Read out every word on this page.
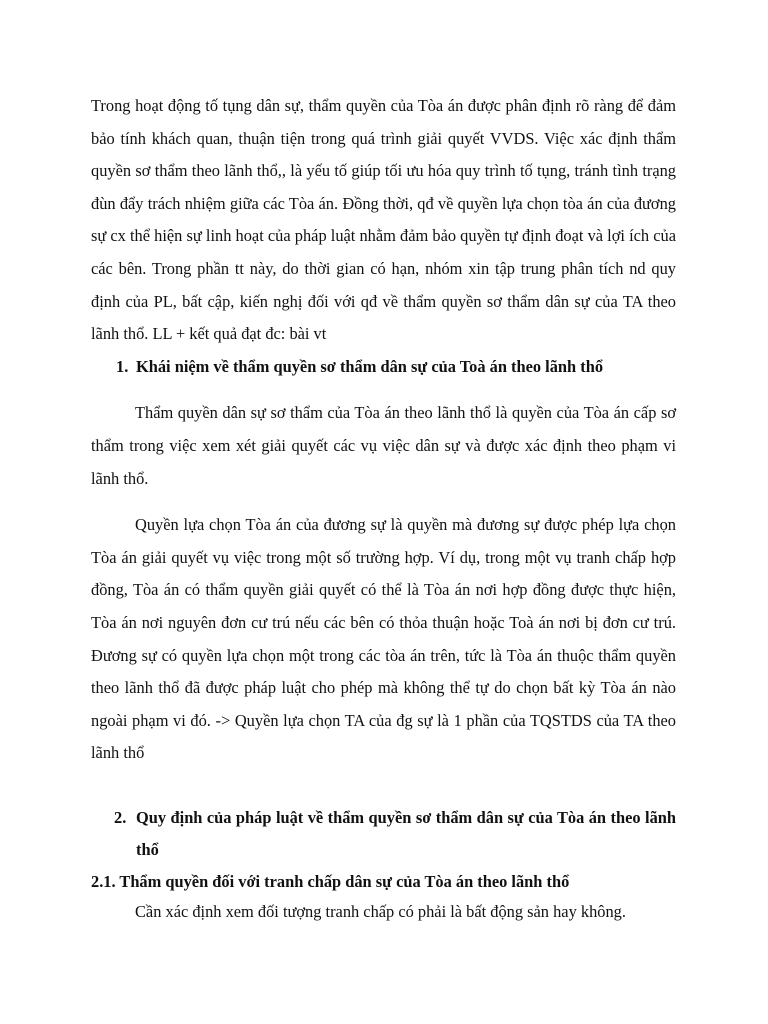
Trong hoạt động tố tụng dân sự, thẩm quyền của Tòa án được phân định rõ ràng để đảm bảo tính khách quan, thuận tiện trong quá trình giải quyết VVDS. Việc xác định thẩm quyền sơ thẩm theo lãnh thổ,, là yếu tố giúp tối ưu hóa quy trình tố tụng, tránh tình trạng đùn đẩy trách nhiệm giữa các Tòa án. Đồng thời, qđ về quyền lựa chọn tòa án của đương sự cx thể hiện sự linh hoạt của pháp luật nhằm đảm bảo quyền tự định đoạt và lợi ích của các bên. Trong phần tt này, do thời gian có hạn, nhóm xin tập trung phân tích nd quy định của PL, bất cập, kiến nghị đối với qđ về thẩm quyền sơ thẩm dân sự của TA theo lãnh thổ. LL + kết quả đạt đc: bài vt

1. Khái niệm về thẩm quyền sơ thẩm dân sự của Toà án theo lãnh thổ

Thẩm quyền dân sự sơ thẩm của Tòa án theo lãnh thổ là quyền của Tòa án cấp sơ thẩm trong việc xem xét giải quyết các vụ việc dân sự và được xác định theo phạm vi lãnh thổ.

Quyền lựa chọn Tòa án của đương sự là quyền mà đương sự được phép lựa chọn Tòa án giải quyết vụ việc trong một số trường hợp. Ví dụ, trong một vụ tranh chấp hợp đồng, Tòa án có thẩm quyền giải quyết có thể là Tòa án nơi hợp đồng được thực hiện, Tòa án nơi nguyên đơn cư trú nếu các bên có thỏa thuận hoặc Toà án nơi bị đơn cư trú. Đương sự có quyền lựa chọn một trong các tòa án trên, tức là Tòa án thuộc thẩm quyền theo lãnh thổ đã được pháp luật cho phép mà không thể tự do chọn bất kỳ Tòa án nào ngoài phạm vi đó. -> Quyền lựa chọn TA của đg sự là 1 phần của TQSTDS của TA theo lãnh thổ

2. Quy định của pháp luật về thẩm quyền sơ thẩm dân sự của Tòa án theo lãnh thổ

2.1. Thẩm quyền đối với tranh chấp dân sự của Tòa án theo lãnh thổ

Cần xác định xem đối tượng tranh chấp có phải là bất động sản hay không.
